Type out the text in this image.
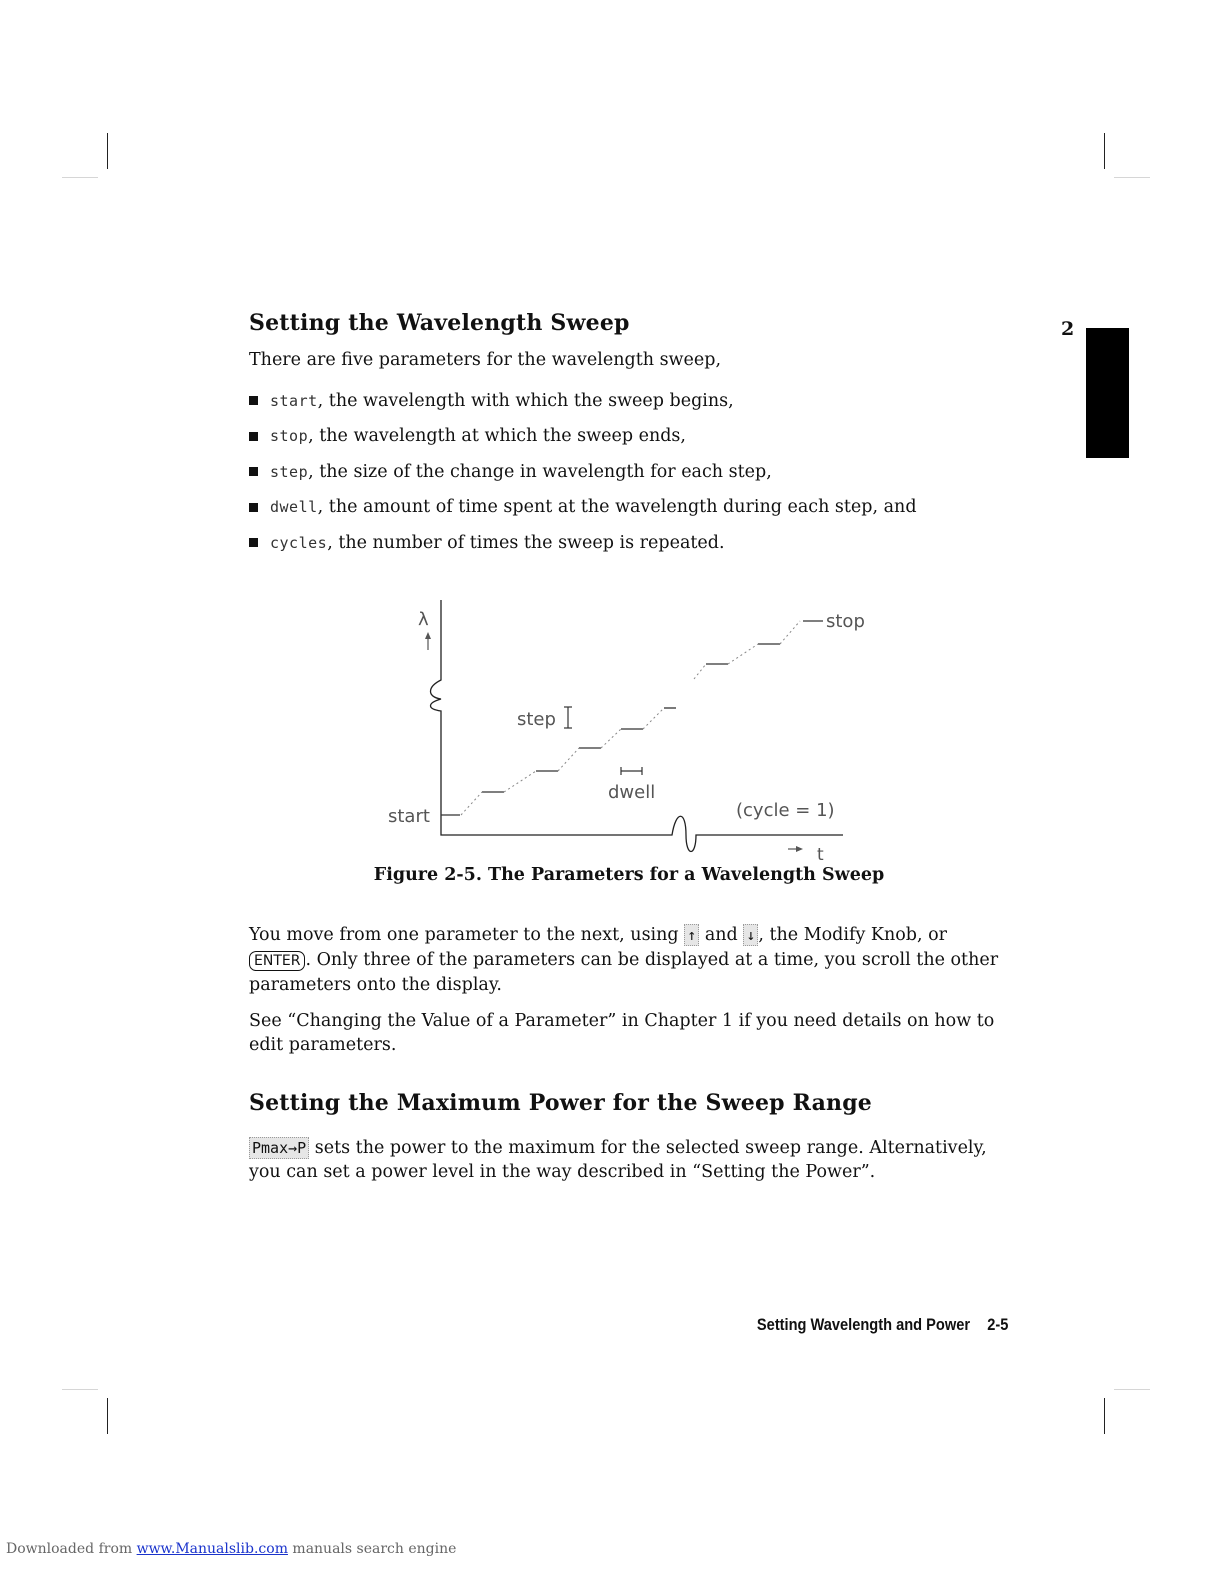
2
Setting the Wavelength Sweep

There are five parameters for the wavelength sweep,

start , the wavelength with which the sweep begins,
stop , the wavelength at which the sweep ends,
step , the size of the change in wavelength for each step,
dwell , the amount of time spent at the wavelength during each step, and
cycles , the number of times the sweep is repeated.
λ
t
start
stop
step
dwell
(cycle = 1)
Figure 2-5. The Parameters for a Wavelength Sweep

You move from one parameter to the next, using ↑ and ↓ , the Modify Knob, or ENTER . Only three of the parameters can be displayed at a time, you scroll the other parameters onto the display.

See “Changing the Value of a Parameter” in Chapter 1 if you need details on how to edit parameters.

Setting the Maximum Power for the Sweep Range

Pmax→P sets the power to the maximum for the selected sweep range. Alternatively, you can set a power level in the way described in “Setting the Power”.

Setting Wavelength and Power 2-5
Downloaded from www.Manualslib.com manuals search engine
